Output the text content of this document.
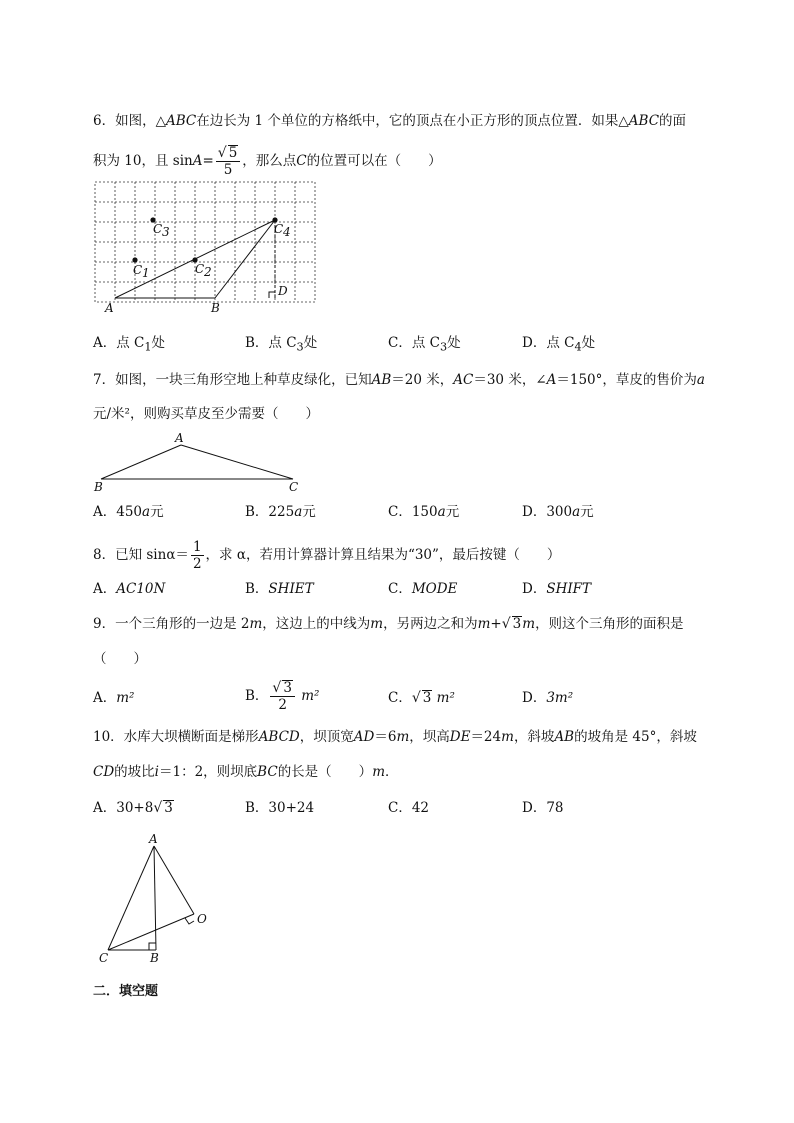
6．如图，△ABC在边长为 1 个单位的方格纸中，它的顶点在小正方形的顶点位置．如果△ABC的面
积为 10，且 $\sin A= \frac{√ 5}{5}$ ，那么点C的位置可以在（　　）
A	B
D
C 3
C 1	C 2
C 4
A．点 $C_1$处	B．点 $C_3$处	C．点 $C_3$处	D．点 $C_4$处
7．如图，一块三角形空地上种草皮绿化，已知AB＝20 米，AC＝30 米，∠A＝150°，草皮的售价为a
元/米²，则购买草皮至少需要（　　）
A
B	C
A．450a元	B．225a元	C．150a元	D．300a元
8．已知 $\sin\alpha= \frac{1}{2}$ ，求 α，若用计算器计算且结果为“30”，最后按键（　　）
A．AC10N	B．SHIET	C．MODE	D．SHIFT
9．一个三角形的一边是 2m，这边上的中线为m，另两边之和为m+√ 3m，则这个三角形的面积是
（　　）
A．m²	B． $\frac{√ 3}{2} m^2$	C．√ 3 m²	D．3m²
10．水库大坝横断面是梯形ABCD，坝顶宽AD＝6m，坝高DE＝24m，斜坡AB的坡角是 45°，斜坡
CD的坡比i＝1：2，则坝底BC的长是（　　）m．
A．30+8√ 3	B．30+24	C．42	D．78
A
C	B
O
二．填空题
